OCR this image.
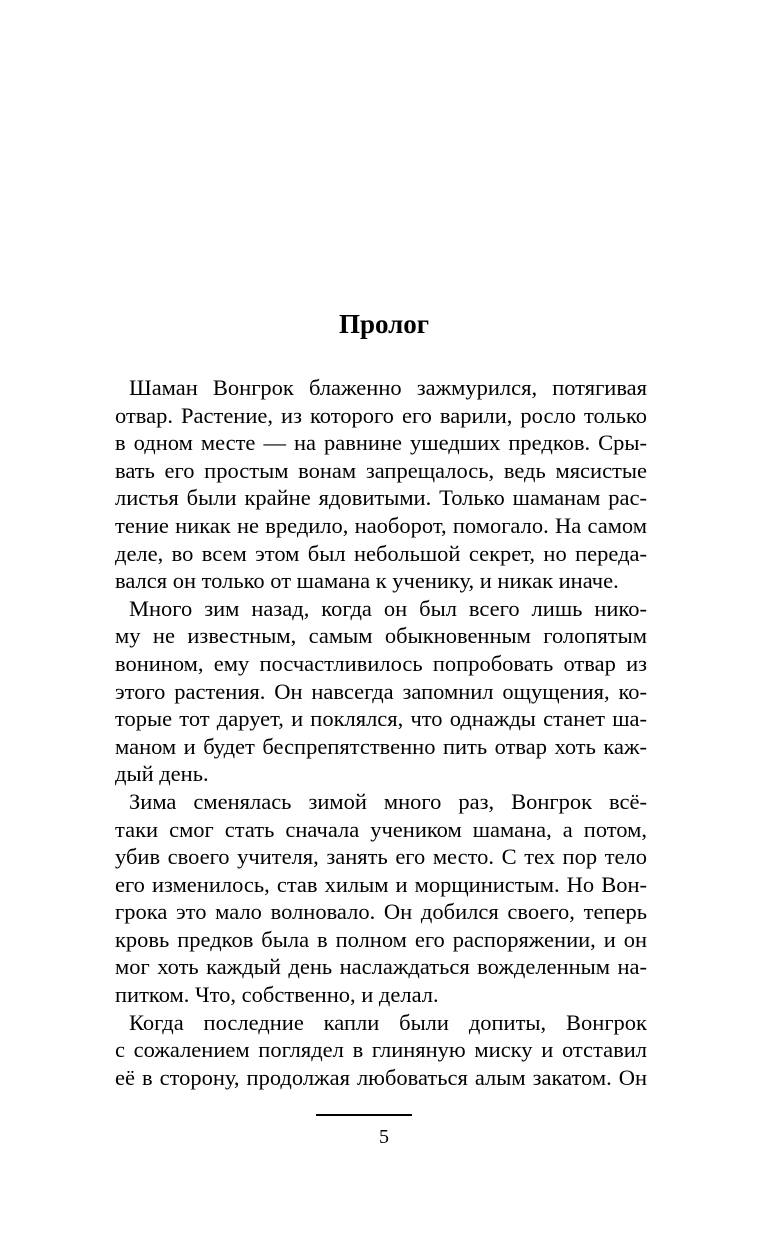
Пролог
Шаман Вонгрок блаженно зажмурился, потягивая
отвар. Растение, из которого его варили, росло только
в одном месте — на равнине ушедших предков. Сры-
вать его простым вонам запрещалось, ведь мясистые
листья были крайне ядовитыми. Только шаманам рас-
тение никак не вредило, наоборот, помогало. На самом
деле, во всем этом был небольшой секрет, но переда-
вался он только от шамана к ученику, и никак иначе.
Много зим назад, когда он был всего лишь нико-
му не известным, самым обыкновенным голопятым
вонином, ему посчастливилось попробовать отвар из
этого растения. Он навсегда запомнил ощущения, ко-
торые тот дарует, и поклялся, что однажды станет ша-
маном и будет беспрепятственно пить отвар хоть каж-
дый день.
Зима сменялась зимой много раз, Вонгрок всё-
таки смог стать сначала учеником шамана, а потом,
убив своего учителя, занять его место. С тех пор тело
его изменилось, став хилым и морщинистым. Но Вон-
грока это мало волновало. Он добился своего, теперь
кровь предков была в полном его распоряжении, и он
мог хоть каждый день наслаждаться вожделенным на-
питком. Что, собственно, и делал.
Когда последние капли были допиты, Вонгрок
с сожалением поглядел в глиняную миску и отставил
её в сторону, продолжая любоваться алым закатом. Он
5
